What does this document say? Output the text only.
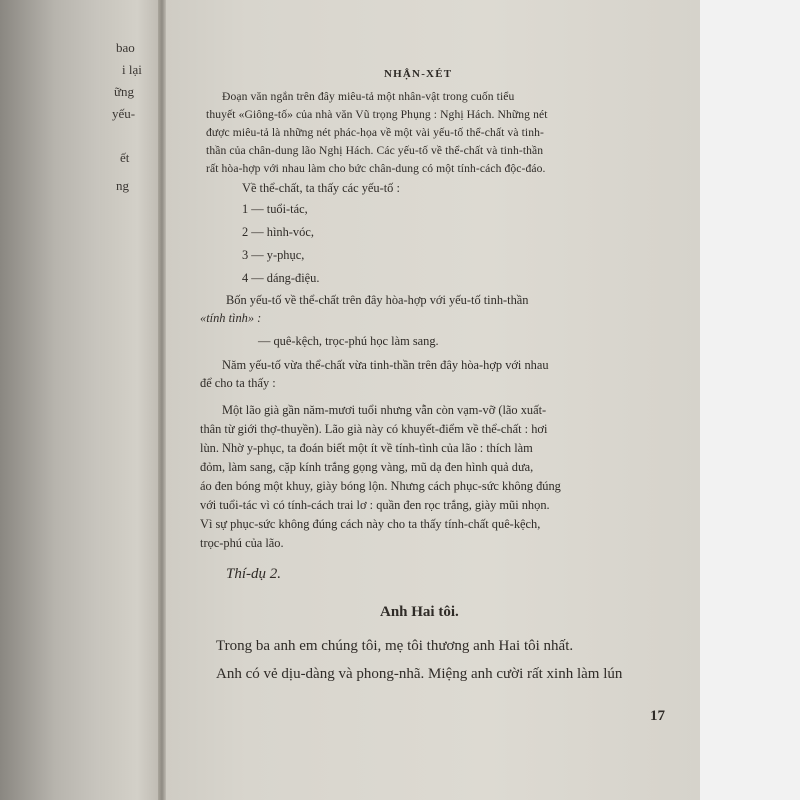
bao
i lại
ững
yếu-
ết
ng
NHẬN-XÉT
Đoạn văn ngắn trên đây miêu-tả một nhân-vật trong cuốn tiểu
thuyết «Giông-tố» của nhà văn Vũ trọng Phụng : Nghị Hách. Những nét
được miêu-tả là những nét phác-họa về một vài yếu-tố thể-chất và tinh-
thần của chân-dung lão Nghị Hách. Các yếu-tố về thể-chất và tinh-thần
rất hòa-hợp với nhau làm cho bức chân-dung có một tính-cách độc-đáo.
Về thể-chất, ta thấy các yếu-tố :
1 — tuổi-tác,
2 — hình-vóc,
3 — y-phục,
4 — dáng-điệu.
Bốn yếu-tố về thể-chất trên đây hòa-hợp với yếu-tố tinh-thần
«tính tình» :
— quê-kệch, trọc-phú học làm sang.
Năm yếu-tố vừa thể-chất vừa tinh-thần trên đây hòa-hợp với nhau
để cho ta thấy :
Một lão già gần năm-mươi tuổi nhưng vẫn còn vạm-vỡ (lão xuất-
thân từ giới thợ-thuyền). Lão già này có khuyết-điểm về thể-chất : hơi
lùn. Nhờ y-phục, ta đoán biết một ít về tính-tình của lão : thích làm
đỏm, làm sang, cặp kính trắng gọng vàng, mũ dạ đen hình quả dưa,
áo đen bóng một khuy, giày bóng lộn. Nhưng cách phục-sức không đúng
với tuổi-tác vì có tính-cách trai lơ : quần đen rọc trắng, giày mũi nhọn.
Vì sự phục-sức không đúng cách này cho ta thấy tính-chất quê-kệch,
trọc-phú của lão.
Thí-dụ 2.
Anh Hai tôi.
Trong ba anh em chúng tôi, mẹ tôi thương anh Hai tôi nhất.
Anh có vẻ dịu-dàng và phong-nhã. Miệng anh cười rất xinh làm lún
17
